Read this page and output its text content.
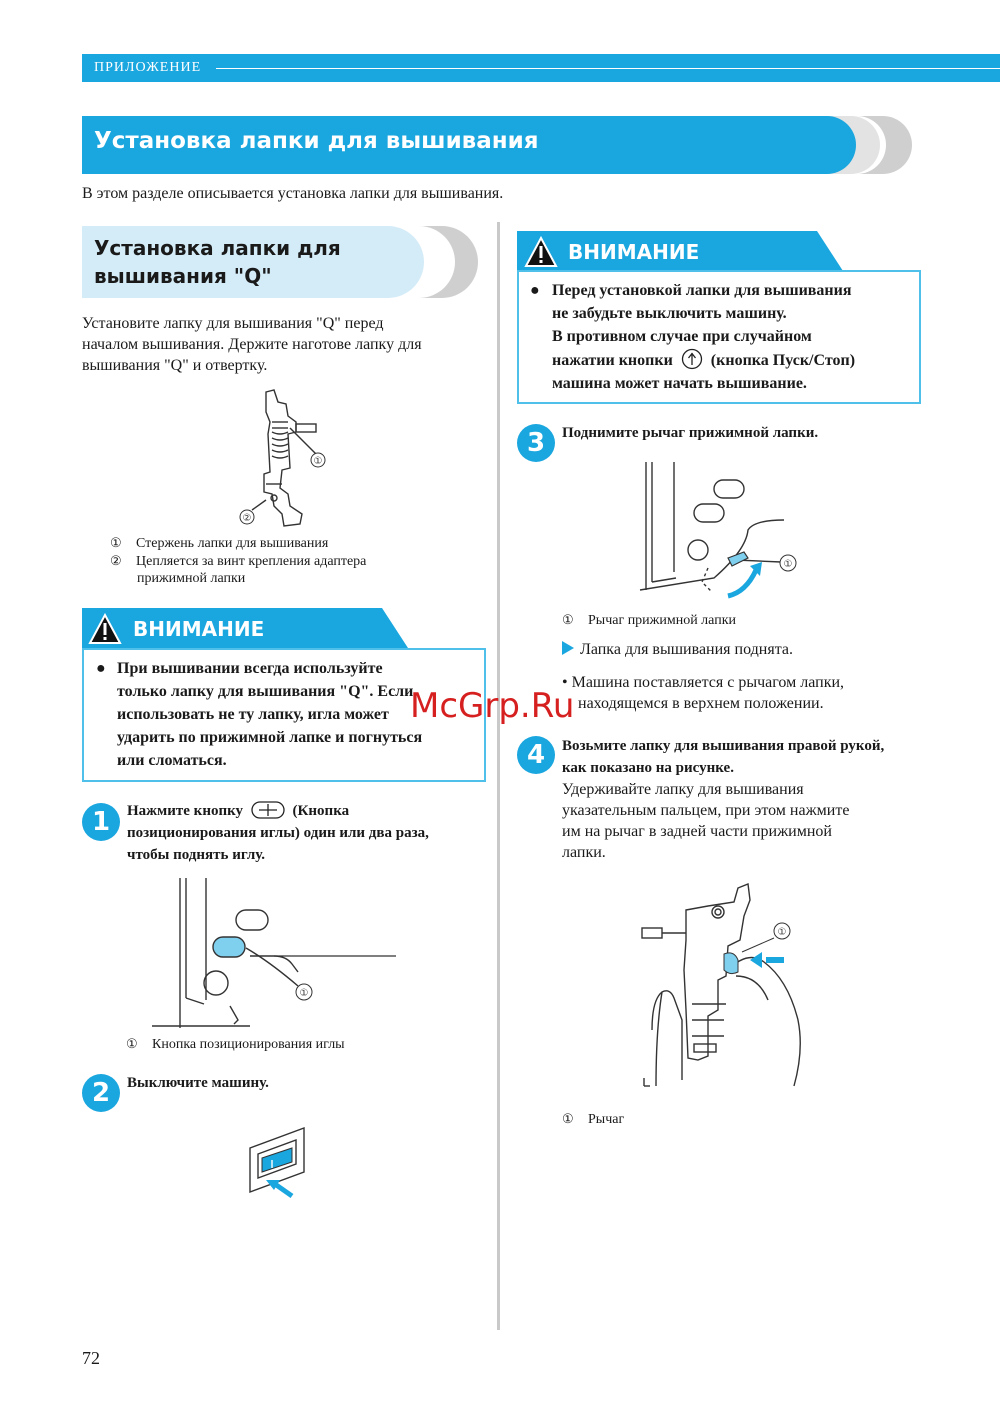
ПРИЛОЖЕНИЕ
Установка лапки для вышивания
В этом разделе описывается установка лапки для вышивания.
Установка лапки для
вышивания "Q"
Установите лапку для вышивания "Q" перед
началом вышивания. Держите наготове лапку для
вышивания "Q" и отвертку.
①
②
① Стержень лапки для вышивания
② Цепляется за винт крепления адаптера
прижимной лапки
ВНИМАНИЕ
● При вышивании всегда используйте
только лапку для вышивания "Q". Если
использовать не ту лапку, игла может
ударить по прижимной лапке и погнуться
или сломаться.
1	Нажмите кнопку	(Кнопка
позиционирования иглы) один или два раза,
чтобы поднять иглу.
①
① Кнопка позиционирования иглы
2	Выключите машину.
ВНИМАНИЕ
● Перед установкой лапки для вышивания
не забудьте выключить машину.
В противном случае при случайном
нажатии кнопки (кнопка Пуск/Стоп)
машина может начать вышивание.
3	Поднимите рычаг прижимной лапки.
①
① Рычаг прижимной лапки
Лапка для вышивания поднята.
• Машина поставляется с рычагом лапки,
находящемся в верхнем положении.
4	Возьмите лапку для вышивания правой рукой,
как показано на рисунке.
Удерживайте лапку для вышивания
указательным пальцем, при этом нажмите
им на рычаг в задней части прижимной
лапки.
①
① Рычаг
McGrp.Ru
72
